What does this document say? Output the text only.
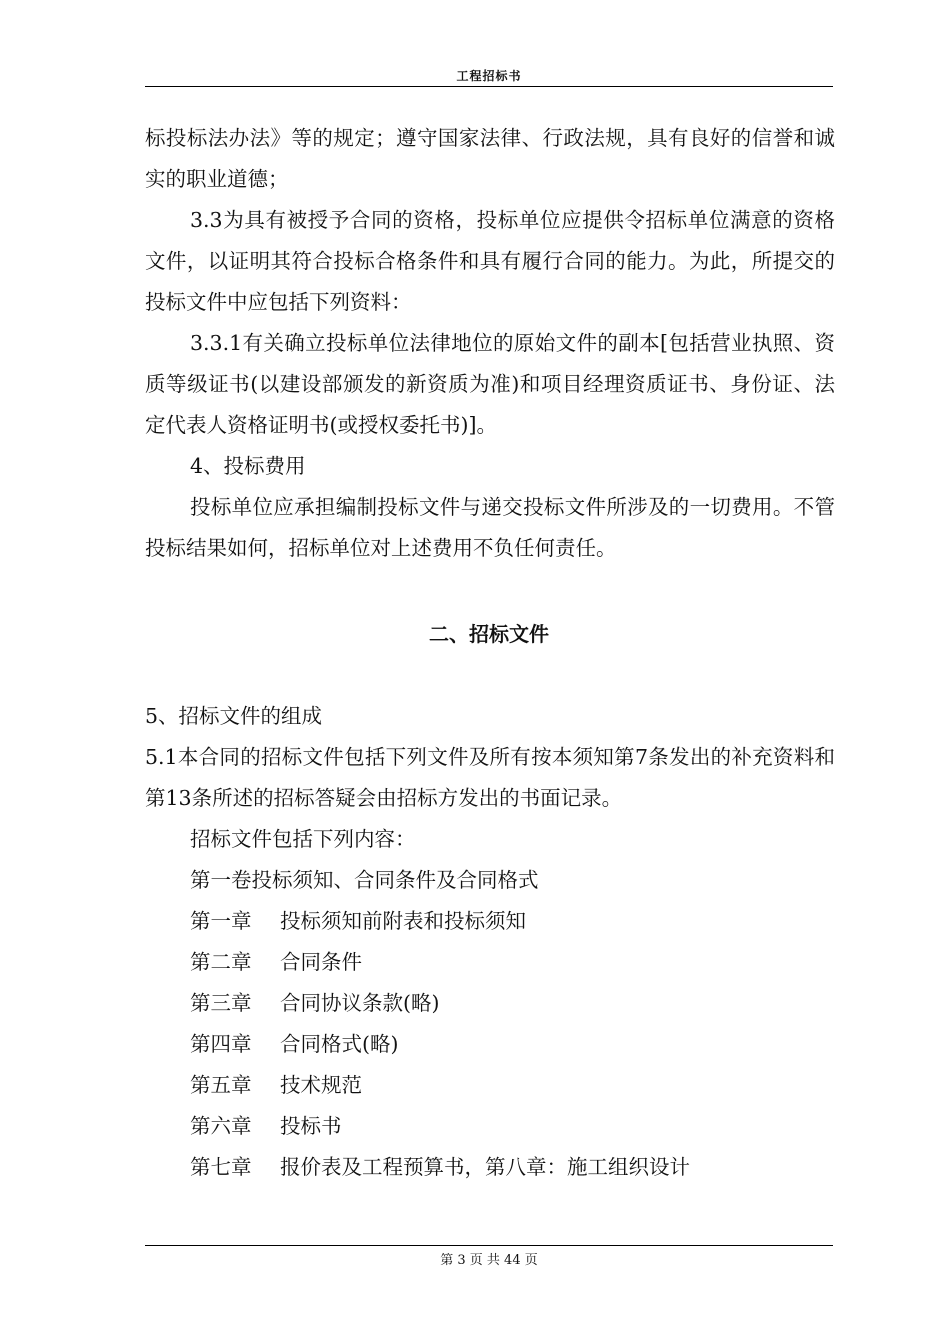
工程招标书

标投标法办法》等的规定；遵守国家法律、行政法规，具有良好的信誉和诚实的职业道德；

3.3为具有被授予合同的资格，投标单位应提供令招标单位满意的资格文件，以证明其符合投标合格条件和具有履行合同的能力。为此，所提交的投标文件中应包括下列资料：

3.3.1有关确立投标单位法律地位的原始文件的副本[包括营业执照、资质等级证书(以建设部颁发的新资质为准)和项目经理资质证书、身份证、法定代表人资格证明书(或授权委托书)]。

4、投标费用

投标单位应承担编制投标文件与递交投标文件所涉及的一切费用。不管投标结果如何，招标单位对上述费用不负任何责任。

二、招标文件

5、招标文件的组成

5.1本合同的招标文件包括下列文件及所有按本须知第7条发出的补充资料和第13条所述的招标答疑会由招标方发出的书面记录。

招标文件包括下列内容：

第一卷投标须知、合同条件及合同格式

第一章 投标须知前附表和投标须知

第二章 合同条件

第三章 合同协议条款(略)

第四章 合同格式(略)

第五章 技术规范

第六章 投标书

第七章 报价表及工程预算书，第八章：施工组织设计

第 3 页 共 44 页
